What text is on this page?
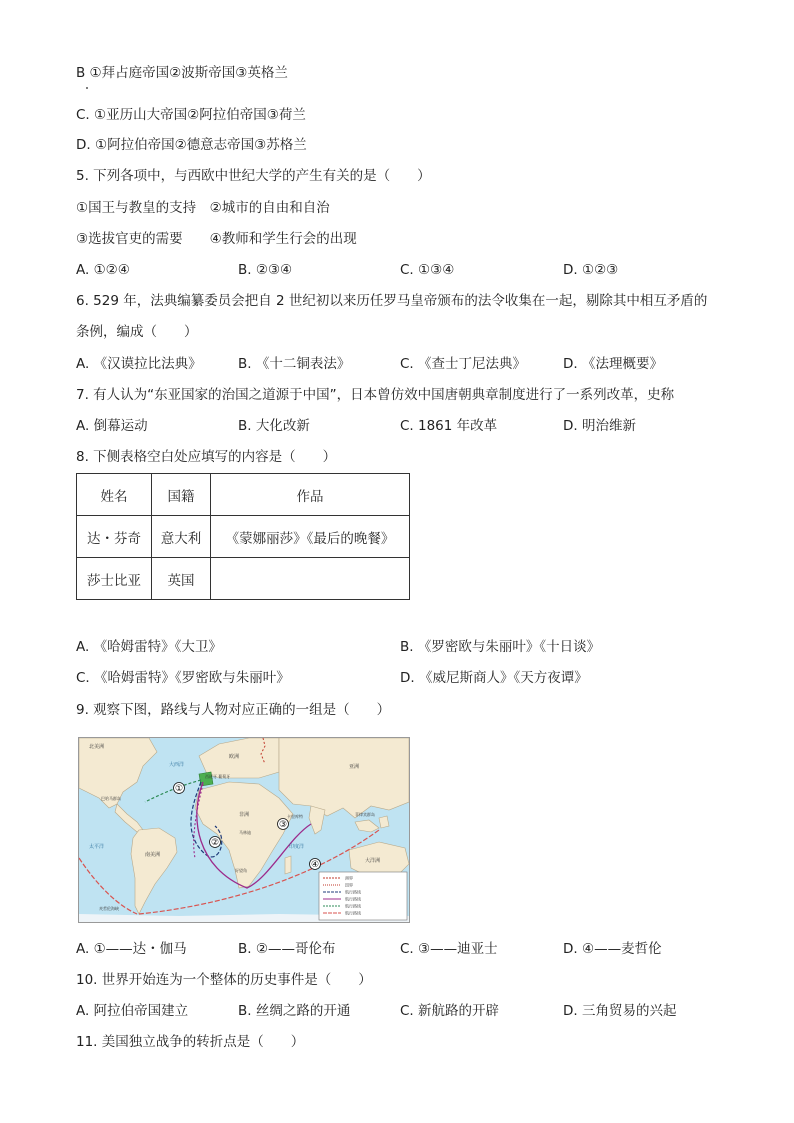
B ①拜占庭帝国②波斯帝国③英格兰
C. ①亚历山大帝国②阿拉伯帝国③荷兰
D. ①阿拉伯帝国②德意志帝国③苏格兰
5. 下列各项中，与西欧中世纪大学的产生有关的是（　　）
①国王与教皇的支持　②城市的自由和自治
③选拔官吏的需要　　④教师和学生行会的出现
A. ①②④	B. ②③④	C. ①③④	D. ①②③
6. 529 年，法典编纂委员会把自 2 世纪初以来历任罗马皇帝颁布的法令收集在一起，剔除其中相互矛盾的
条例，编成（　　）
A. 《汉谟拉比法典》	B. 《十二铜表法》	C. 《查士丁尼法典》	D. 《法理概要》
7. 有人认为“东亚国家的治国之道源于中国”，日本曾仿效中国唐朝典章制度进行了一系列改革，史称
A. 倒幕运动	B. 大化改新	C. 1861 年改革	D. 明治维新
8. 下侧表格空白处应填写的内容是（　　）
姓名	国籍	作品
达・芬奇	意大利	《蒙娜丽莎》《最后的晚餐》
莎士比亚	英国	
A. 《哈姆雷特》《大卫》	B. 《罗密欧与朱丽叶》《十日谈》
C. 《哈姆雷特》《罗密欧与朱丽叶》	D. 《威尼斯商人》《天方夜谭》
9. 观察下图，路线与人物对应正确的一组是（　　）
①
②
③
④
北美洲
南美洲
非洲
欧洲
亚洲
大洋洲
大西洋
印度洋
太平洋
西班牙 葡萄牙
巴哈马群岛
马林迪
卡里库特	菲律宾群岛
好望角
麦哲伦海峡
洲界
国界
航行路线
航行路线
航行路线
航行路线
A. ①——达・伽马	B. ②——哥伦布	C. ③——迪亚士	D. ④——麦哲伦
10. 世界开始连为一个整体的历史事件是（　　）
A. 阿拉伯帝国建立	B. 丝绸之路的开通	C. 新航路的开辟	D. 三角贸易的兴起
11. 美国独立战争的转折点是（　　）
